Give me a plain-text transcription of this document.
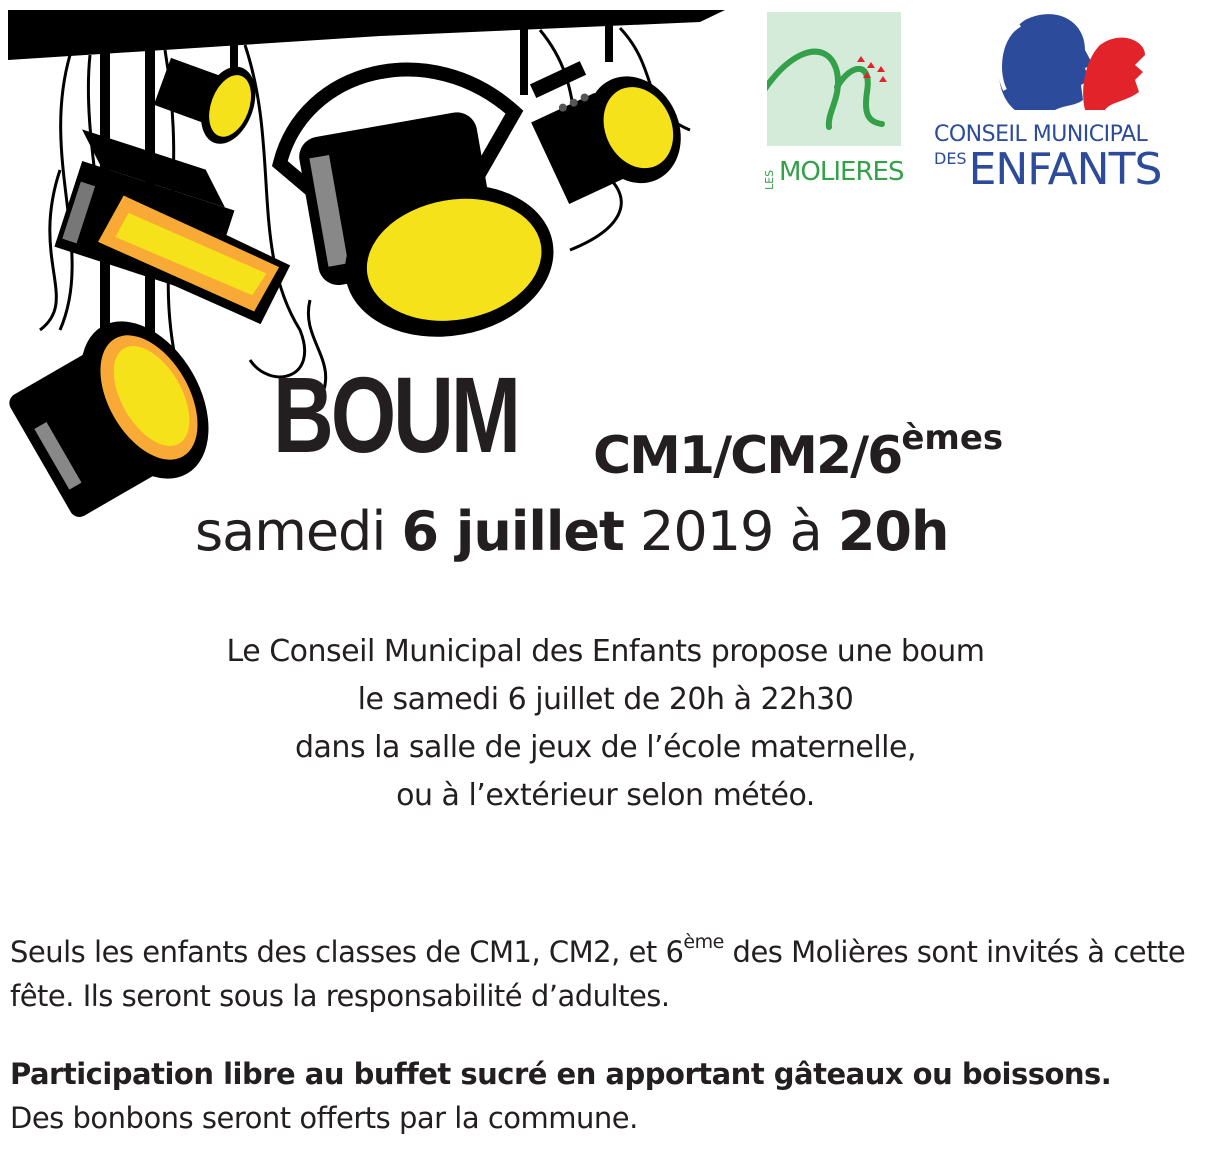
LES MOLIERES
CONSEIL MUNICIPAL
DESENFANTS
BOUM CM1/CM2/6èmes
samedi 6 juillet 2019 à 20h
Le Conseil Municipal des Enfants propose une boum
le samedi 6 juillet de 20h à 22h30
dans la salle de jeux de l’école maternelle,
ou à l’extérieur selon météo.
Seuls les enfants des classes de CM1, CM2, et 6ème des Molières sont invités à cette fête. Ils seront sous la responsabilité d’adultes.
Participation libre au buffet sucré en apportant gâteaux ou boissons.
Des bonbons seront offerts par la commune.
